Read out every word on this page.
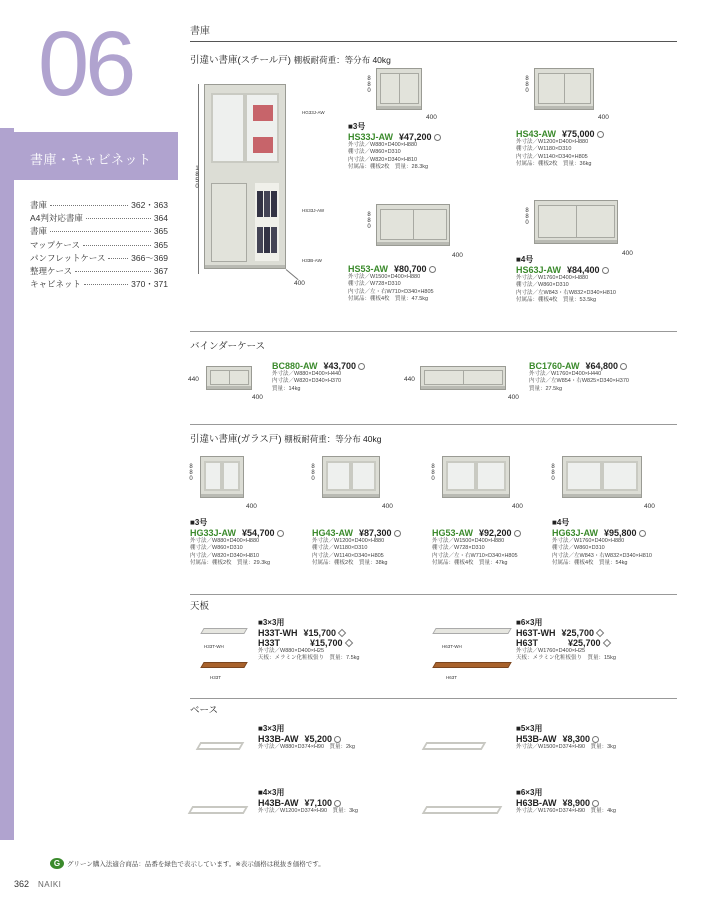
06
書庫・キャビネット
書庫	362・363
A4判対応書庫	364
書庫	365
マップケース	365
パンフレットケース	366～369
整理ケース	367
キャビネット	370・371
書庫
引違い書庫(スチール戸) 棚板耐荷重：等分布 40kg
1850
HG33J-AW
HS33J-AW
H33B-AW
400
880
400
■3号
HS33J-AW ¥47,200
外寸法／W880×D400×H880
棚寸法／W860×D310
内寸法／W820×D340×H810
付属品：棚板2枚　質量：28.3kg
880
400
HS43-AW ¥75,000
外寸法／W1200×D400×H880
棚寸法／W1180×D310
内寸法／W1140×D340×H805
付属品：棚板2枚　質量：36kg
880
400
HS53-AW ¥80,700
外寸法／W1500×D400×H880
棚寸法／W728×D310
内寸法／左・右W710×D340×H805
付属品：棚板4枚　質量：47.5kg
880
400
■4号
HS63J-AW ¥84,400
外寸法／W1760×D400×H880
棚寸法／W860×D310
内寸法／左W843・右W832×D340×H810
付属品：棚板4枚　質量：53.5kg
バインダーケース
440
400
BC880-AW ¥43,700
外寸法／W880×D400×H440
内寸法／W820×D340×H370
質量：14kg
440
400
BC1760-AW ¥64,800
外寸法／W1760×D400×H440
内寸法／左W854・右W825×D340×H370
質量：27.5kg
引違い書庫(ガラス戸) 棚板耐荷重：等分布 40kg
880
400
■3号
HG33J-AW ¥54,700
外寸法／W880×D400×H880
棚寸法／W860×D310
内寸法／W820×D340×H810
付属品：棚板2枚　質量：29.3kg
880
400
HG43-AW ¥87,300
外寸法／W1200×D400×H880
棚寸法／W1180×D310
内寸法／W1140×D340×H805
付属品：棚板2枚　質量：38kg
880
400
HG53-AW ¥92,200
外寸法／W1500×D400×H880
棚寸法／W728×D310
内寸法／左・右W710×D340×H805
付属品：棚板4枚　質量：47kg
880
400
■4号
HG63J-AW ¥95,800
外寸法／W1760×D400×H880
棚寸法／W860×D310
内寸法／左W843・右W832×D340×H810
付属品：棚板4枚　質量：54kg
天板
H33T-WH
H33T
■3×3用
H33T-WH ¥15,700
H33T	¥15,700
外寸法／W880×D400×H25
天板：メラミン化粧板張り　質量：7.5kg
H63T-WH
H63T
■6×3用
H63T-WH ¥25,700
H63T	¥25,700
外寸法／W1760×D400×H25
天板：メラミン化粧板張り　質量：15kg
ベース
■3×3用
H33B-AW ¥5,200
外寸法／W880×D374×H90　質量：2kg
■5×3用
H53B-AW ¥8,300
外寸法／W1500×D374×H90　質量：3kg
■4×3用
H43B-AW ¥7,100
外寸法／W1200×D374×H90　質量：3kg
■6×3用
H63B-AW ¥8,900
外寸法／W1760×D374×H90　質量：4kg
G	グリーン購入法適合商品：品番を緑色で表示しています。※表示価格は税抜き価格です。
362 NAIKI
